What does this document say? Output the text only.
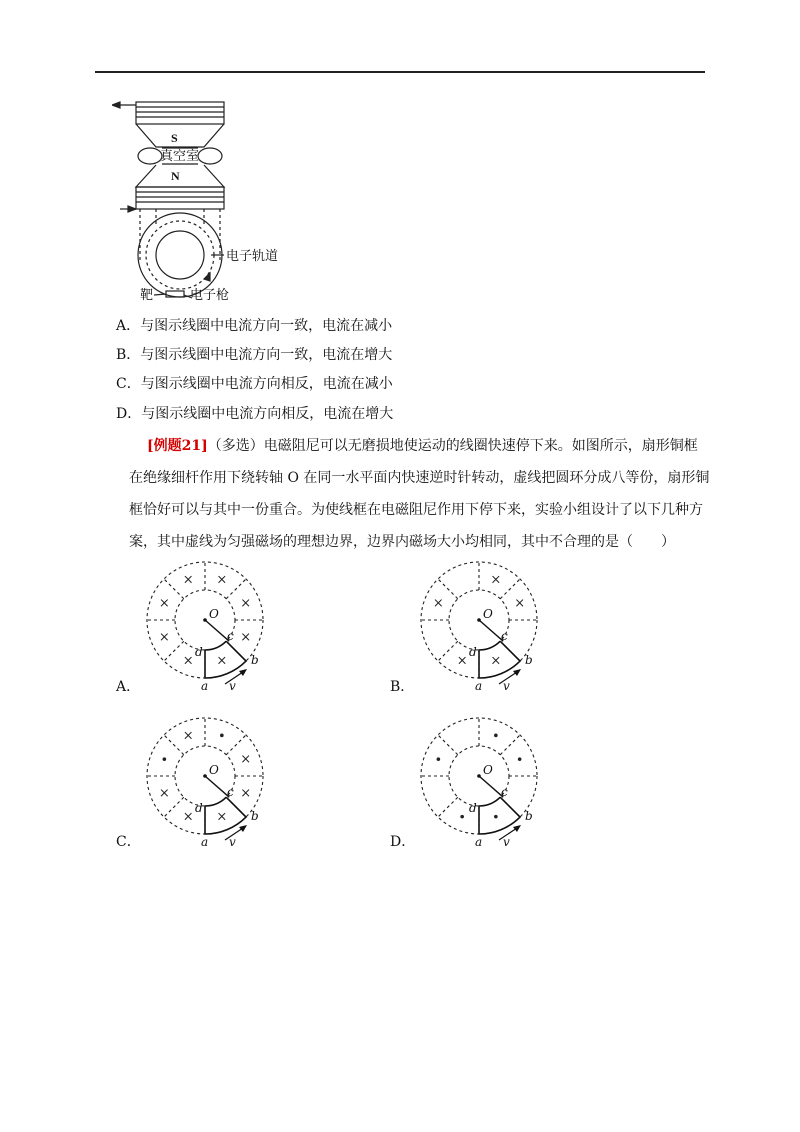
S
真空室
N
电子轨道
靶	电子枪
A．与图示线圈中电流方向一致，电流在减小
B．与图示线圈中电流方向一致，电流在增大
C．与图示线圈中电流方向相反，电流在减小
D．与图示线圈中电流方向相反，电流在增大
[例题21]（多选）电磁阻尼可以无磨损地使运动的线圈快速停下来。如图所示，扇形铜框
在绝缘细杆作用下绕转轴 O 在同一水平面内快速逆时针转动，虚线把圆环分成八等份，扇形铜
框恰好可以与其中一份重合。为使线框在电磁阻尼作用下停下来，实验小组设计了以下几种方
案，其中虚线为匀强磁场的理想边界，边界内磁场大小均相同，其中不合理的是（　　）
×
×
×
×
×
×
×
×
O
d
c
b
a v
×
×
×
×
×
O
d
c
b
a v
×
×
×
×
×
×
O
d
c
b
a v
O
d
c
b
a v
A．	B．
C．	D．
